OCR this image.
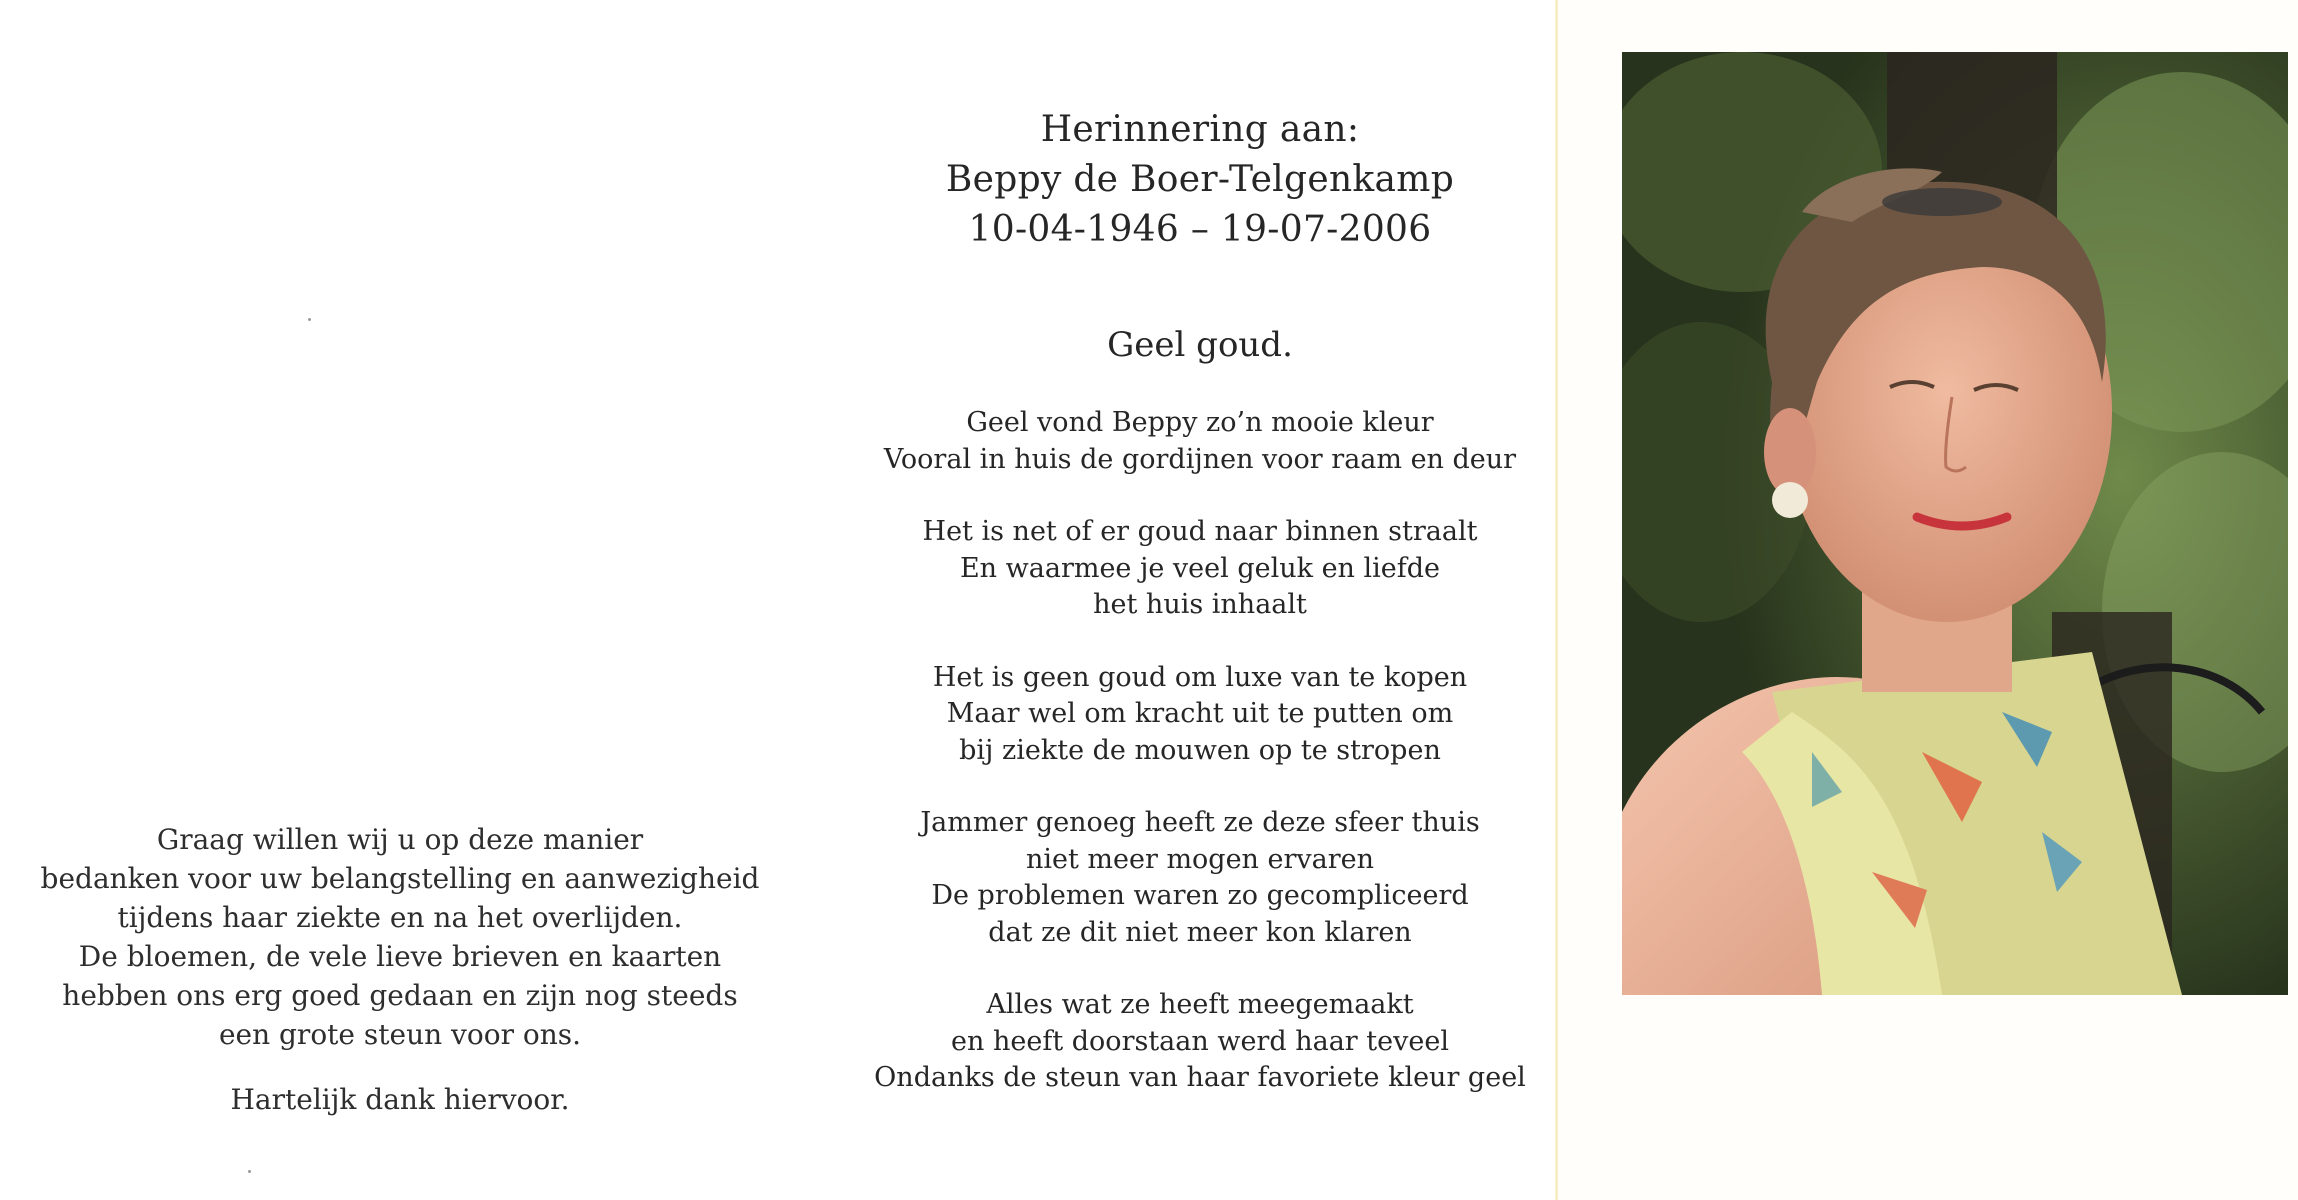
Graag willen wij u op deze manier
bedanken voor uw belangstelling en aanwezigheid
tijdens haar ziekte en na het overlijden.
De bloemen, de vele lieve brieven en kaarten
hebben ons erg goed gedaan en zijn nog steeds
een grote steun voor ons.
Hartelijk dank hiervoor.
Herinnering aan:
Beppy de Boer-Telgenkamp
10-04-1946 – 19-07-2006
Geel goud.
Geel vond Beppy zo’n mooie kleur
Vooral in huis de gordijnen voor raam en deur
Het is net of er goud naar binnen straalt
En waarmee je veel geluk en liefde
het huis inhaalt
Het is geen goud om luxe van te kopen
Maar wel om kracht uit te putten om
bij ziekte de mouwen op te stropen
Jammer genoeg heeft ze deze sfeer thuis
niet meer mogen ervaren
De problemen waren zo gecompliceerd
dat ze dit niet meer kon klaren
Alles wat ze heeft meegemaakt
en heeft doorstaan werd haar teveel
Ondanks de steun van haar favoriete kleur geel
